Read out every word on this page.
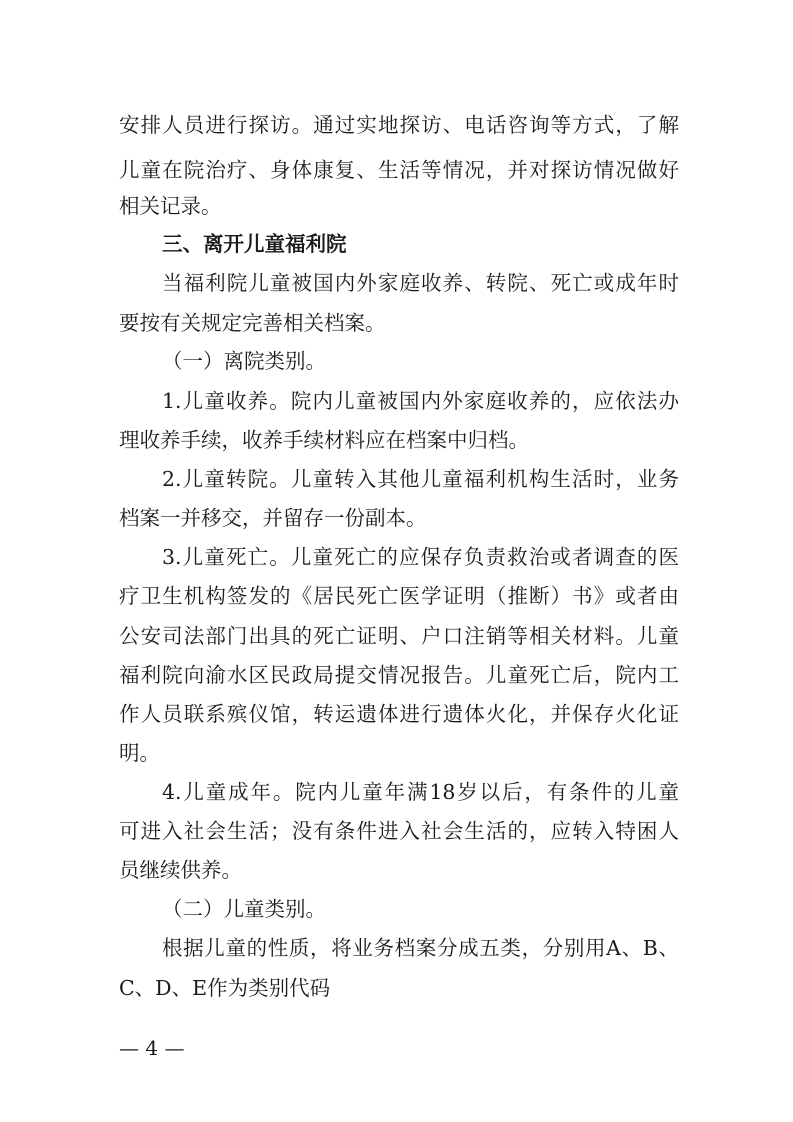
安排人员进行探访。通过实地探访、电话咨询等方式，了解
儿童在院治疗、身体康复、生活等情况，并对探访情况做好
相关记录。
三、离开儿童福利院
当福利院儿童被国内外家庭收养、转院、死亡或成年时
要按有关规定完善相关档案。
（一）离院类别。
1.儿童收养。院内儿童被国内外家庭收养的，应依法办
理收养手续，收养手续材料应在档案中归档。
2.儿童转院。儿童转入其他儿童福利机构生活时，业务
档案一并移交，并留存一份副本。
3.儿童死亡。儿童死亡的应保存负责救治或者调查的医
疗卫生机构签发的《居民死亡医学证明（推断）书》或者由
公安司法部门出具的死亡证明、户口注销等相关材料。儿童
福利院向渝水区民政局提交情况报告。儿童死亡后，院内工
作人员联系殡仪馆，转运遗体进行遗体火化，并保存火化证
明。
4.儿童成年。院内儿童年满18岁以后，有条件的儿童
可进入社会生活；没有条件进入社会生活的，应转入特困人
员继续供养。
（二）儿童类别。
根据儿童的性质，将业务档案分成五类，分别用A、B、
C、D、E作为类别代码
— 4 —
